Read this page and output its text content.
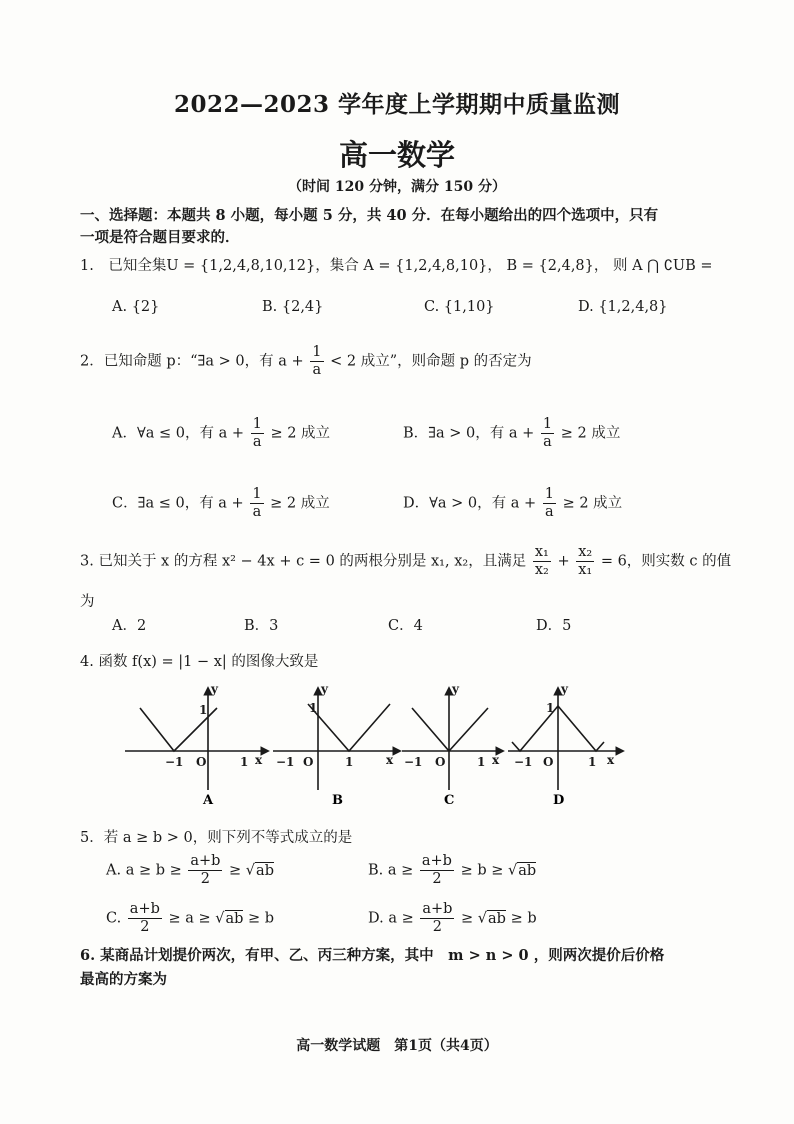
2022—2023 学年度上学期期中质量监测
高一数学
（时间 120 分钟，满分 150 分）
一、选择题：本题共 8 小题，每小题 5 分，共 40 分．在每小题给出的四个选项中，只有
一项是符合题目要求的．
1.　已知全集U = {1,2,4,8,10,12}，集合 A = {1,2,4,8,10}， B = {2,4,8}， 则 A ⋂ ∁UB =
A. {2}	B. {2,4}	C. {1,10}	D. {1,2,4,8}
2．已知命题 p：“∃a > 0，有 $a + \frac{1}{a} < 2$ 成立”，则命题 p 的否定为
A．∀a ≤ 0，有 $a + \frac{1}{a} \ge 2$ 成立	B．∃a > 0，有 $a + \frac{1}{a} \ge 2$ 成立
C．∃a ≤ 0，有 $a + \frac{1}{a} \ge 2$ 成立	D．∀a > 0，有 $a + \frac{1}{a} \ge 2$ 成立
3. 已知关于 x 的方程 x² − 4x + c = 0 的两根分别是 x₁, x₂，且满足 $\frac{\text{x₁}}{\text{x₂}} + \frac{\text{x₂}}{\text{x₁}} = 6$，则实数 c 的值
为
A．2	B．3	C．4	D．5
4. 函数 f(x) = |1 − x| 的图像大致是
y
1
−1 O	1 x
A
y
1
−1 O	1	x
B
y
−1 O	1 x
C
y
1
−1 O	1 x
D
5．若 a ≥ b > 0，则下列不等式成立的是
A. $a \ge b \ge \frac{a+b}{2} \ge √ab$	B. $a \ge \frac{a+b}{2} \ge b \ge √ab$
C. $\frac{a+b}{2} \ge a \ge √ab \ge b$	D. $a \ge \frac{a+b}{2} \ge √ab \ge b$
6. 某商品计划提价两次，有甲、乙、丙三种方案，其中　m > n > 0 ，则两次提价后价格
最高的方案为
高一数学试题　第1页（共4页）
